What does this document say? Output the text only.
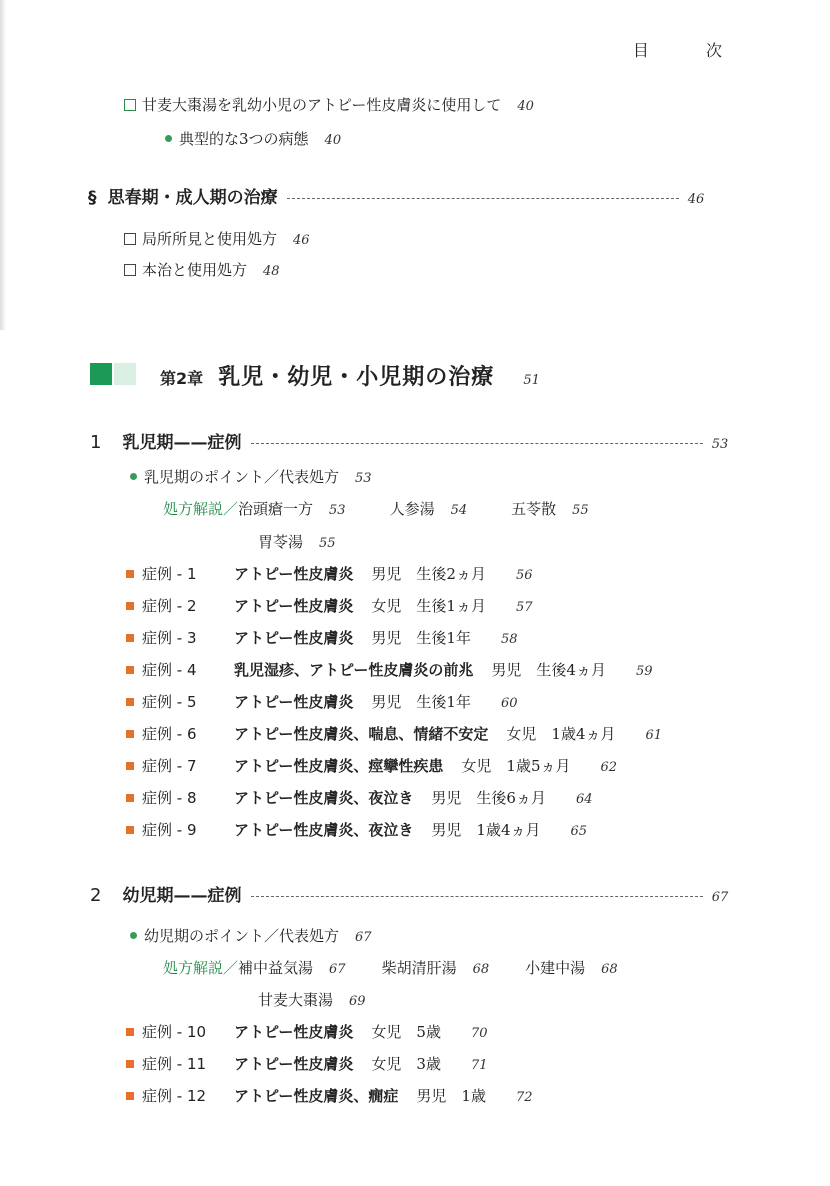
目 次
甘麦大棗湯を乳幼小児のアトピー性皮膚炎に使用して 40
典型的な3つの病態 40
§ 思春期・成人期の治療	46
局所所見と使用処方 46
本治と使用処方 48
第2章 乳児・幼児・小児期の治療 51
1 乳児期——症例	53
乳児期のポイント／代表処方 53
処方解説／治頭瘡一方 53	人参湯 54	五苓散 55
胃苓湯 55
症例 - 1	アトピー性皮膚炎 男児　生後2ヵ月 56
症例 - 2	アトピー性皮膚炎 女児　生後1ヵ月 57
症例 - 3	アトピー性皮膚炎 男児　生後1年 58
症例 - 4	乳児湿疹、アトピー性皮膚炎の前兆 男児　生後4ヵ月 59
症例 - 5	アトピー性皮膚炎 男児　生後1年 60
症例 - 6	アトピー性皮膚炎、喘息、情緒不安定 女児　1歳4ヵ月 61
症例 - 7	アトピー性皮膚炎、痙攣性疾患 女児　1歳5ヵ月 62
症例 - 8	アトピー性皮膚炎、夜泣き 男児　生後6ヵ月 64
症例 - 9	アトピー性皮膚炎、夜泣き 男児　1歳4ヵ月 65
2 幼児期——症例	67
幼児期のポイント／代表処方 67
処方解説／補中益気湯 67 柴胡清肝湯 68 小建中湯 68
甘麦大棗湯 69
症例 - 10 アトピー性皮膚炎 女児　5歳 70
症例 - 11 アトピー性皮膚炎 女児　3歳 71
症例 - 12 アトピー性皮膚炎、癇症 男児　1歳 72
